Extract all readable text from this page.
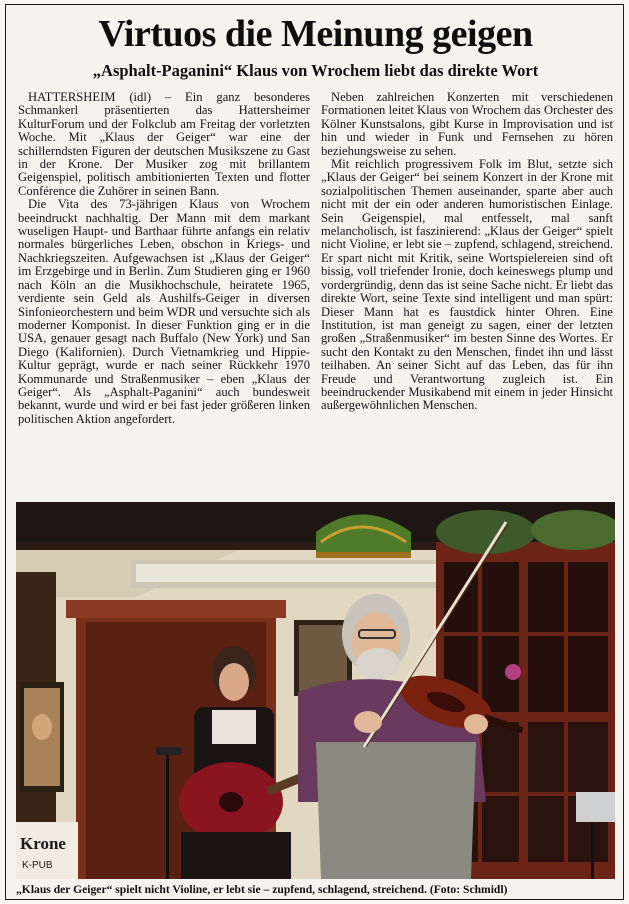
Virtuos die Meinung geigen
„Asphalt-Paganini“ Klaus von Wrochem liebt das direkte Wort

HATTERSHEIM (idl) – Ein ganz besonderes Schmankerl präsentierten das Hattersheimer KulturForum und der Folkclub am Freitag der vorletzten Woche. Mit „Klaus der Geiger“ war eine der schillerndsten Figuren der deutschen Musikszene zu Gast in der Krone. Der Musiker zog mit brillantem Geigenspiel, politisch ambitionierten Texten und flotter Conférence die Zuhörer in seinen Bann.

Die Vita des 73-jährigen Klaus von Wrochem beeindruckt nachhaltig. Der Mann mit dem markant wuseligen Haupt- und Barthaar führte anfangs ein relativ normales bürgerliches Leben, obschon in Kriegs- und Nachkriegszeiten. Aufgewachsen ist „Klaus der Geiger“ im Erzgebirge und in Berlin. Zum Studieren ging er 1960 nach Köln an die Musikhochschule, heiratete 1965, verdiente sein Geld als Aushilfs-Geiger in diversen Sinfonieorchestern und beim WDR und versuchte sich als moderner Komponist. In dieser Funktion ging er in die USA, genauer gesagt nach Buffalo (New York) und San Diego (Kalifornien). Durch Vietnamkrieg und Hippie-Kultur geprägt, wurde er nach seiner Rückkehr 1970 Kommunarde und Straßenmusiker – eben „Klaus der Geiger“. Als „Asphalt-Paganini“ auch bundesweit bekannt, wurde und wird er bei fast jeder größeren linken politischen Aktion angefordert.

Neben zahlreichen Konzerten mit verschiedenen Formationen leitet Klaus von Wrochem das Orchester des Kölner Kunstsalons, gibt Kurse in Improvisation und ist hin und wieder in Funk und Fernsehen zu hören beziehungsweise zu sehen.

Mit reichlich progressivem Folk im Blut, setzte sich „Klaus der Geiger“ bei seinem Konzert in der Krone mit sozialpolitischen Themen auseinander, sparte aber auch nicht mit der ein oder anderen humoristischen Einlage. Sein Geigenspiel, mal entfesselt, mal sanft melancholisch, ist faszinierend: „Klaus der Geiger“ spielt nicht Violine, er lebt sie – zupfend, schlagend, streichend. Er spart nicht mit Kritik, seine Wortspielereien sind oft bissig, voll triefender Ironie, doch keineswegs plump und vordergründig, denn das ist seine Sache nicht. Er liebt das direkte Wort, seine Texte sind intelligent und man spürt: Dieser Mann hat es faustdick hinter Ohren. Eine Institution, ist man geneigt zu sagen, einer der letzten großen „Straßenmusiker“ im besten Sinne des Wortes. Er sucht den Kontakt zu den Menschen, findet ihn und lässt teilhaben. An seiner Sicht auf das Leben, das für ihn Freude und Verantwortung zugleich ist. Ein beeindruckender Musikabend mit einem in jeder Hinsicht außergewöhnlichen Menschen.

Krone
K-PUB
„Klaus der Geiger“ spielt nicht Violine, er lebt sie – zupfend, schlagend, streichend. (Foto: Schmidl)
